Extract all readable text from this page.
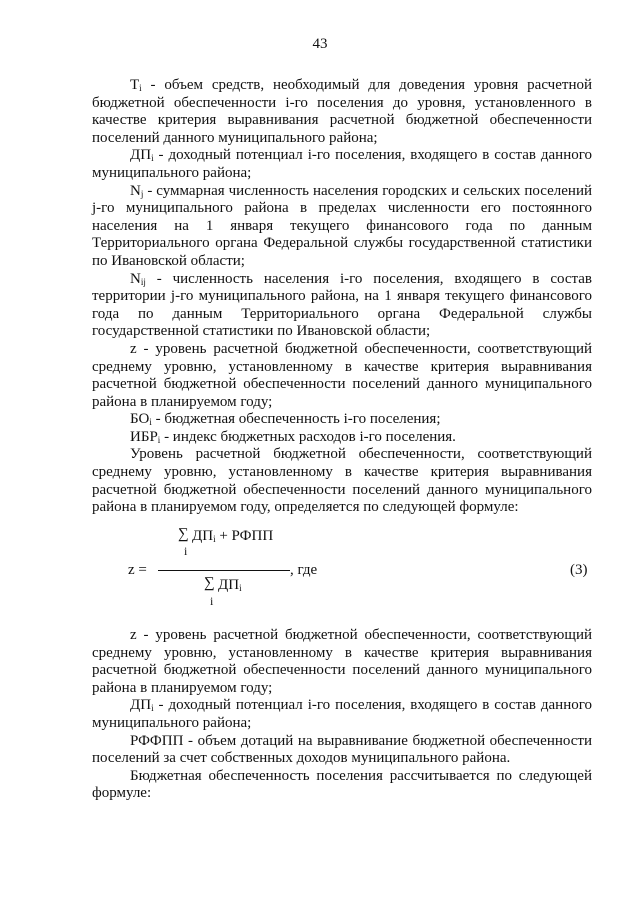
43

$T_i$ - объем средств, необходимый для доведения уровня расчетной бюджетной обеспеченности i-го поселения до уровня, установленного в качестве критерия выравнивания расчетной бюджетной обеспеченности поселений данного муниципального района;

$ДП_i$ - доходный потенциал i-го поселения, входящего в состав данного муниципального района;

$N_j$ - суммарная численность населения городских и сельских поселений j-го муниципального района в пределах численности его постоянного населения на 1 января текущего финансового года по данным Территориального органа Федеральной службы государственной статистики по Ивановской области;

$N_{ij}$ - численность населения i-го поселения, входящего в состав территории j-го муниципального района, на 1 января текущего финансового года по данным Территориального органа Федеральной службы государственной статистики по Ивановской области;

z - уровень расчетной бюджетной обеспеченности, соответствующий среднему уровню, установленному в качестве критерия выравнивания расчетной бюджетной обеспеченности поселений данного муниципального района в планируемом году;

$БО_i$ - бюджетная обеспеченность i-го поселения;

$ИБР_i$ - индекс бюджетных расходов i-го поселения.

Уровень расчетной бюджетной обеспеченности, соответствующий среднему уровню, установленному в качестве критерия выравнивания расчетной бюджетной обеспеченности поселений данного муниципального района в планируемом году, определяется по следующей формуле:

∑ $ДП_i$ + РФПП
i
z =	, где	(3)
∑ $ДП_i$
i

z - уровень расчетной бюджетной обеспеченности, соответствующий среднему уровню, установленному в качестве критерия выравнивания расчетной бюджетной обеспеченности поселений данного муниципального района в планируемом году;

$ДП_i$ - доходный потенциал i-го поселения, входящего в состав данного муниципального района;

РФФПП - объем дотаций на выравнивание бюджетной обеспеченности поселений за счет собственных доходов муниципального района.

Бюджетная обеспеченность поселения рассчитывается по следующей формуле:
